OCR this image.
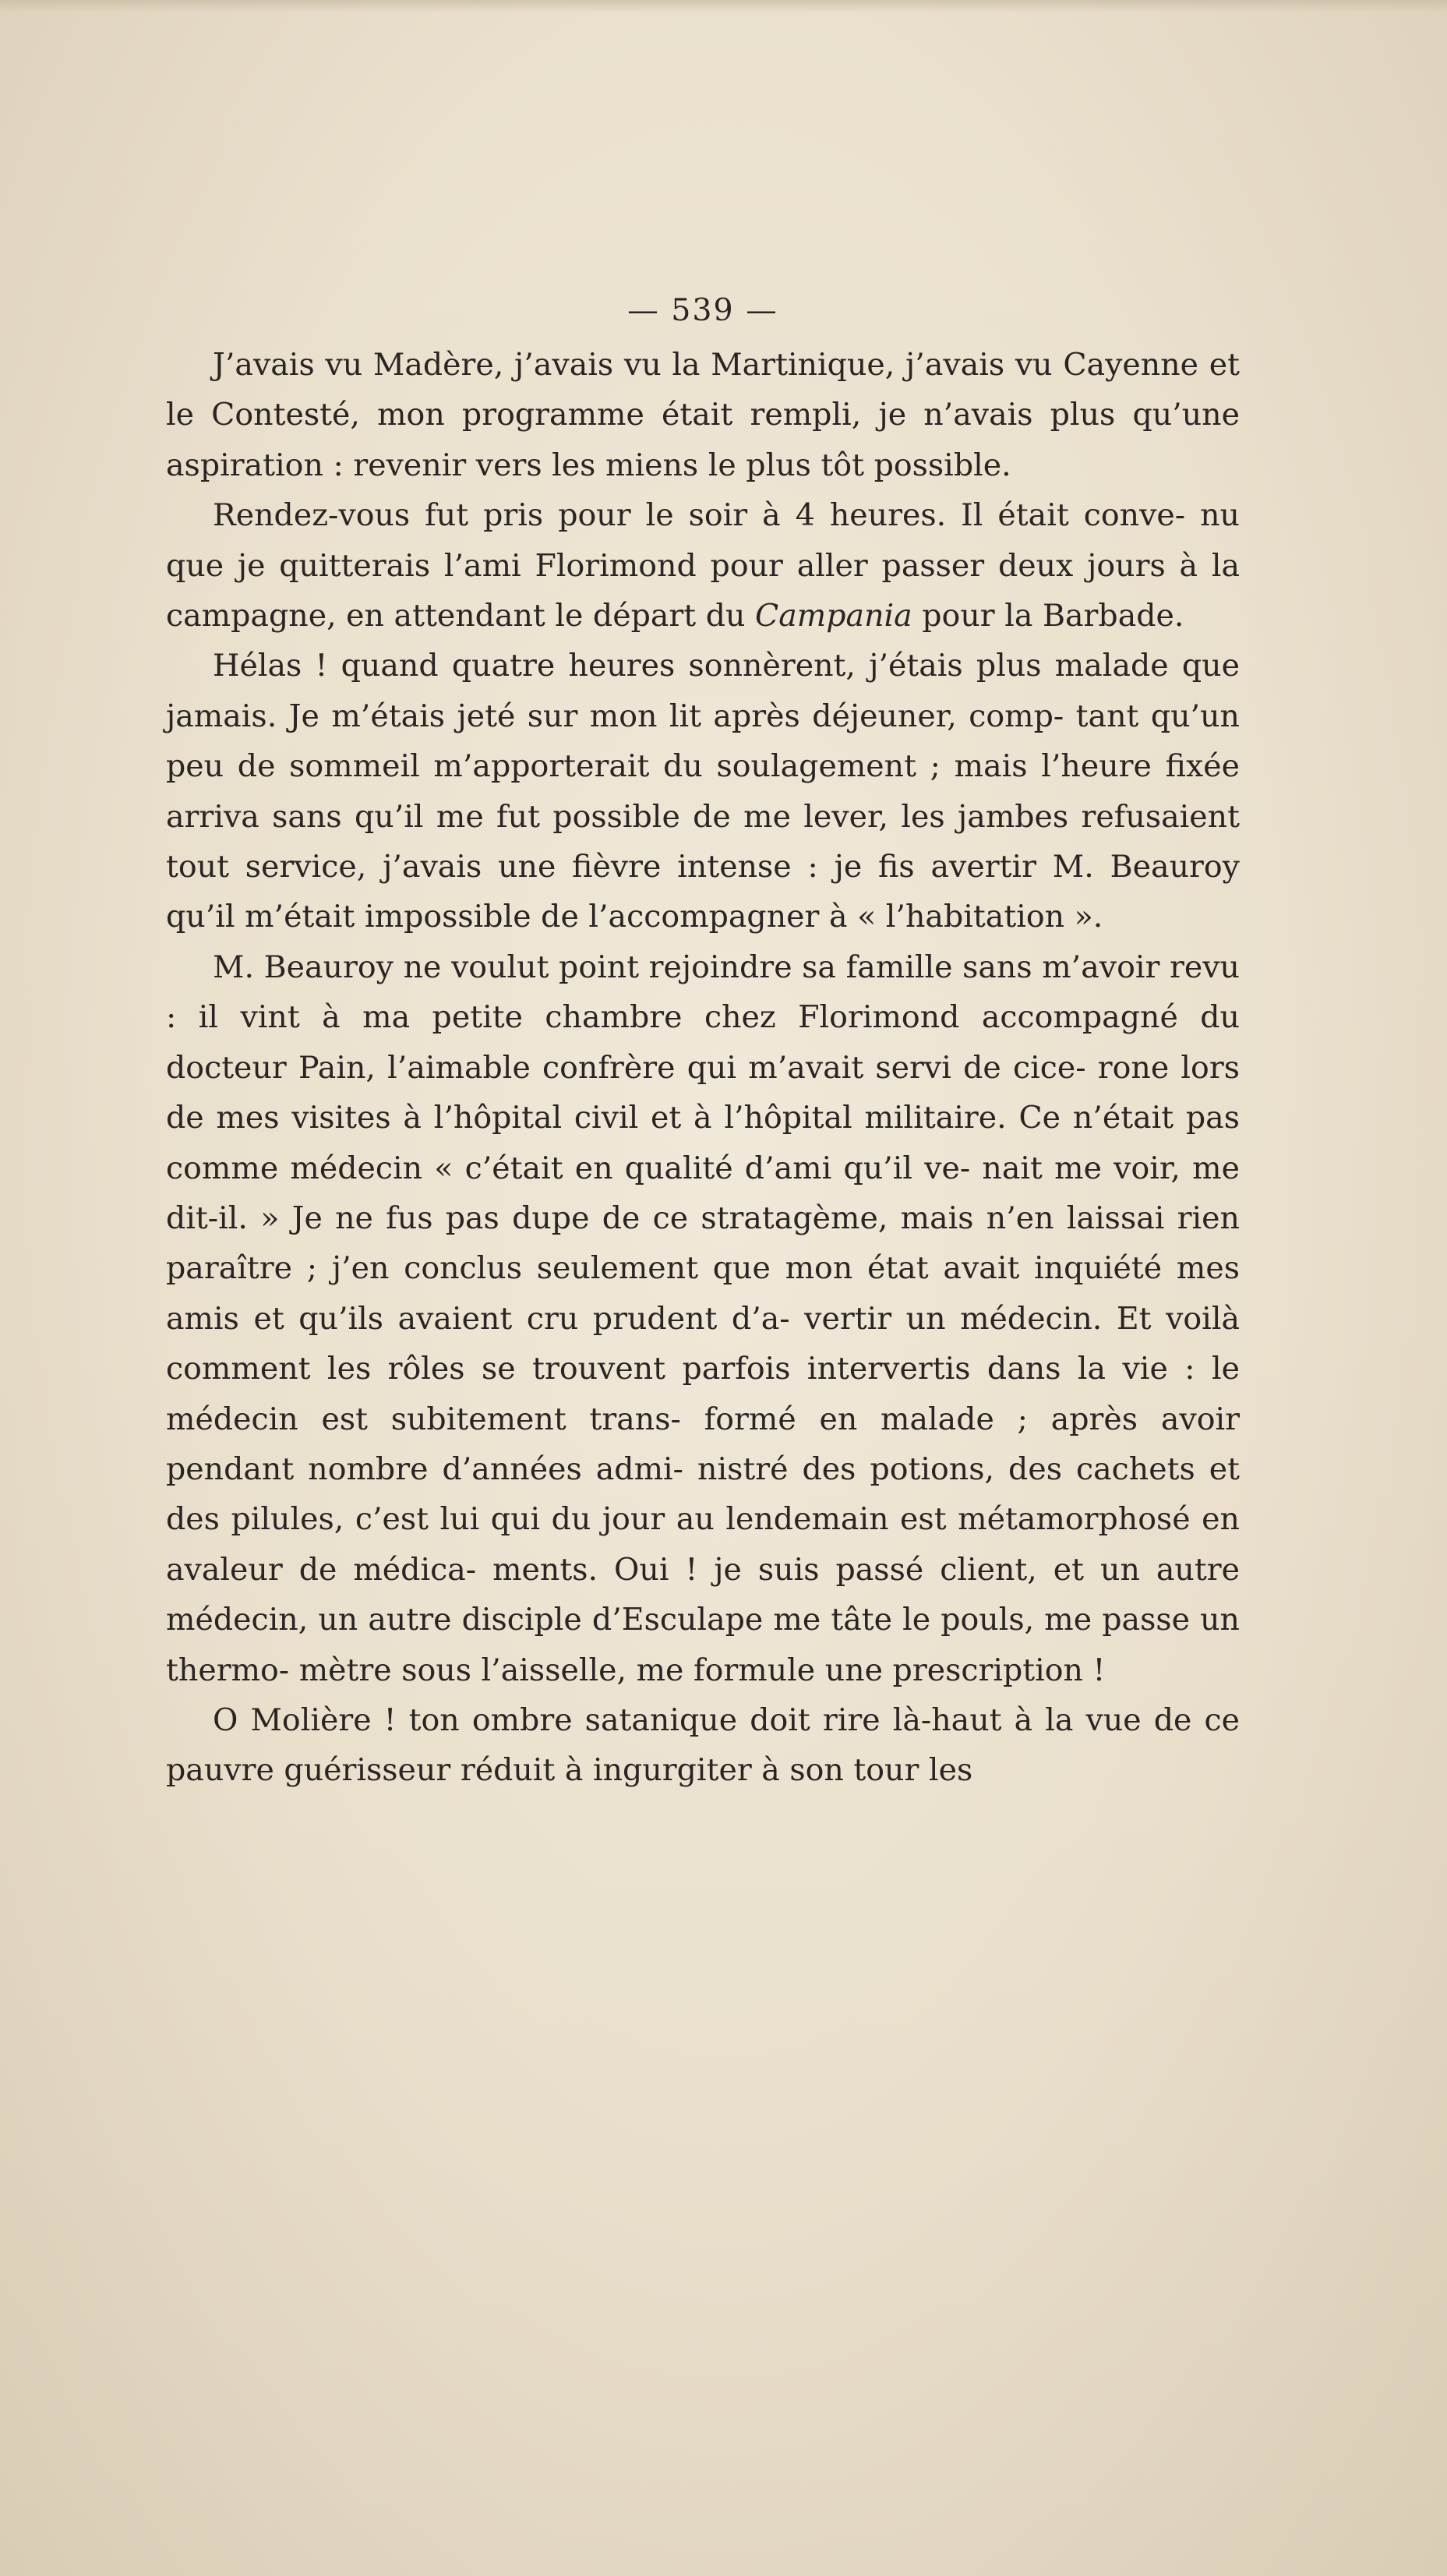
— 539 —

J’avais vu Madère, j’avais vu la Martinique, j’avais vu Cayenne et le Contesté, mon programme était rempli, je n’avais plus qu’une aspiration : revenir vers les miens le plus tôt possible.

Rendez-vous fut pris pour le soir à 4 heures. Il était conve- nu que je quitterais l’ami Florimond pour aller passer deux jours à la campagne, en attendant le départ du Campania pour la Barbade.

Hélas ! quand quatre heures sonnèrent, j’étais plus malade que jamais. Je m’étais jeté sur mon lit après déjeuner, comp- tant qu’un peu de sommeil m’apporterait du soulagement ; mais l’heure fixée arriva sans qu’il me fut possible de me lever, les jambes refusaient tout service, j’avais une fièvre intense : je fis avertir M. Beauroy qu’il m’était impossible de l’accompagner à « l’habitation ».

M. Beauroy ne voulut point rejoindre sa famille sans m’avoir revu : il vint à ma petite chambre chez Florimond accompagné du docteur Pain, l’aimable confrère qui m’avait servi de cice- rone lors de mes visites à l’hôpital civil et à l’hôpital militaire. Ce n’était pas comme médecin « c’était en qualité d’ami qu’il ve- nait me voir, me dit-il. » Je ne fus pas dupe de ce stratagème, mais n’en laissai rien paraître ; j’en conclus seulement que mon état avait inquiété mes amis et qu’ils avaient cru prudent d’a- vertir un médecin. Et voilà comment les rôles se trouvent parfois intervertis dans la vie : le médecin est subitement trans- formé en malade ; après avoir pendant nombre d’années admi- nistré des potions, des cachets et des pilules, c’est lui qui du jour au lendemain est métamorphosé en avaleur de médica- ments. Oui ! je suis passé client, et un autre médecin, un autre disciple d’Esculape me tâte le pouls, me passe un thermo- mètre sous l’aisselle, me formule une prescription !

O Molière ! ton ombre satanique doit rire là-haut à la vue de ce pauvre guérisseur réduit à ingurgiter à son tour les
